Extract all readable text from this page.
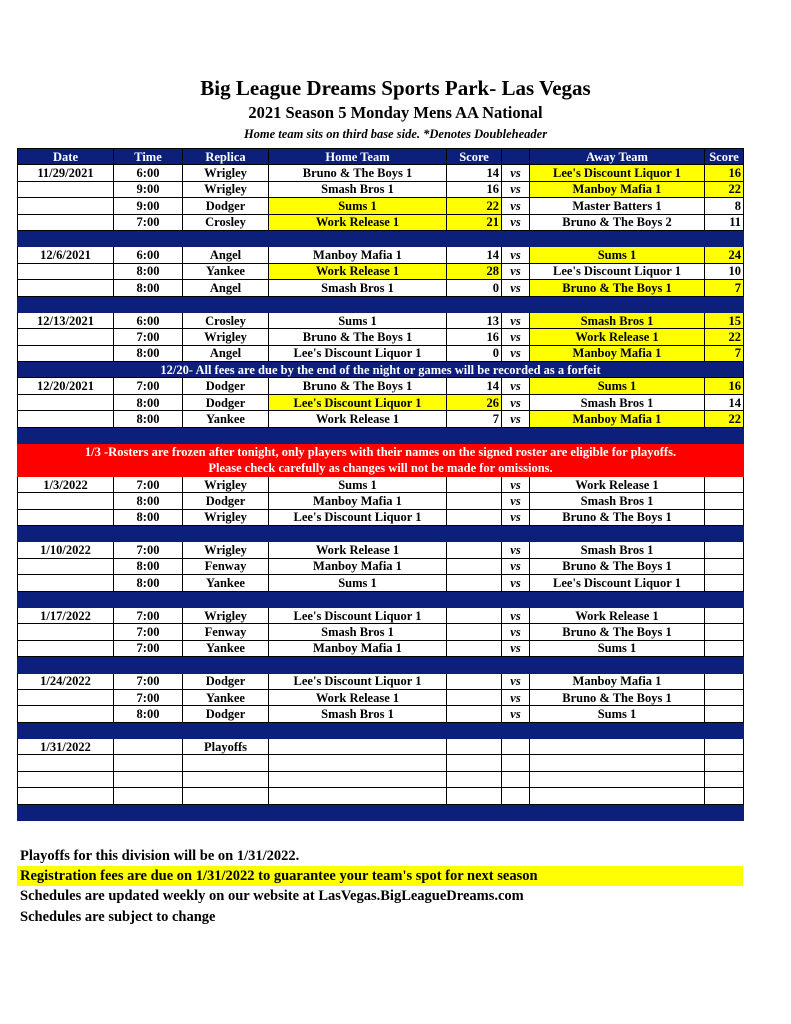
Big League Dreams Sports Park- Las Vegas
2021 Season 5 Monday Mens AA National
Home team sits on third base side. *Denotes Doubleheader
Date	Time	Replica	Home Team	Score		Away Team	Score
11/29/2021	6:00	Wrigley	Bruno & The Boys 1	14	vs	Lee's Discount Liquor 1	16
	9:00	Wrigley	Smash Bros 1	16	vs	Manboy Mafia 1	22
	9:00	Dodger	Sums 1	22	vs	Master Batters 1	8
	7:00	Crosley	Work Release 1	21	vs	Bruno & The Boys 2	11

12/6/2021	6:00	Angel	Manboy Mafia 1	14	vs	Sums 1	24
	8:00	Yankee	Work Release 1	28	vs	Lee's Discount Liquor 1	10
	8:00	Angel	Smash Bros 1	0	vs	Bruno & The Boys 1	7

12/13/2021	6:00	Crosley	Sums 1	13	vs	Smash Bros 1	15
	7:00	Wrigley	Bruno & The Boys 1	16	vs	Work Release 1	22
	8:00	Angel	Lee's Discount Liquor 1	0	vs	Manboy Mafia 1	7
12/20- All fees are due by the end of the night or games will be recorded as a forfeit							
12/20/2021	7:00	Dodger	Bruno & The Boys 1	14	vs	Sums 1	16
	8:00	Dodger	Lee's Discount Liquor 1	26	vs	Smash Bros 1	14
	8:00	Yankee	Work Release 1	7	vs	Manboy Mafia 1	22

1/3 -Rosters are frozen after tonight, only players with their names on the signed roster are eligible for playoffs.							
Please check carefully as changes will not be made for omissions.							
1/3/2022	7:00	Wrigley	Sums 1		vs	Work Release 1	
	8:00	Dodger	Manboy Mafia 1		vs	Smash Bros 1	
	8:00	Wrigley	Lee's Discount Liquor 1		vs	Bruno & The Boys 1	

1/10/2022	7:00	Wrigley	Work Release 1		vs	Smash Bros 1	
	8:00	Fenway	Manboy Mafia 1		vs	Bruno & The Boys 1	
	8:00	Yankee	Sums 1		vs	Lee's Discount Liquor 1	

1/17/2022	7:00	Wrigley	Lee's Discount Liquor 1		vs	Work Release 1	
	7:00	Fenway	Smash Bros 1		vs	Bruno & The Boys 1	
	7:00	Yankee	Manboy Mafia 1		vs	Sums 1	

1/24/2022	7:00	Dodger	Lee's Discount Liquor 1		vs	Manboy Mafia 1	
	7:00	Yankee	Work Release 1		vs	Bruno & The Boys 1	
	8:00	Dodger	Smash Bros 1		vs	Sums 1	

1/31/2022		Playoffs					

Playoffs for this division will be on 1/31/2022.
Registration fees are due on 1/31/2022 to guarantee your team's spot for next season
Schedules are updated weekly on our website at LasVegas.BigLeagueDreams.com
Schedules are subject to change
